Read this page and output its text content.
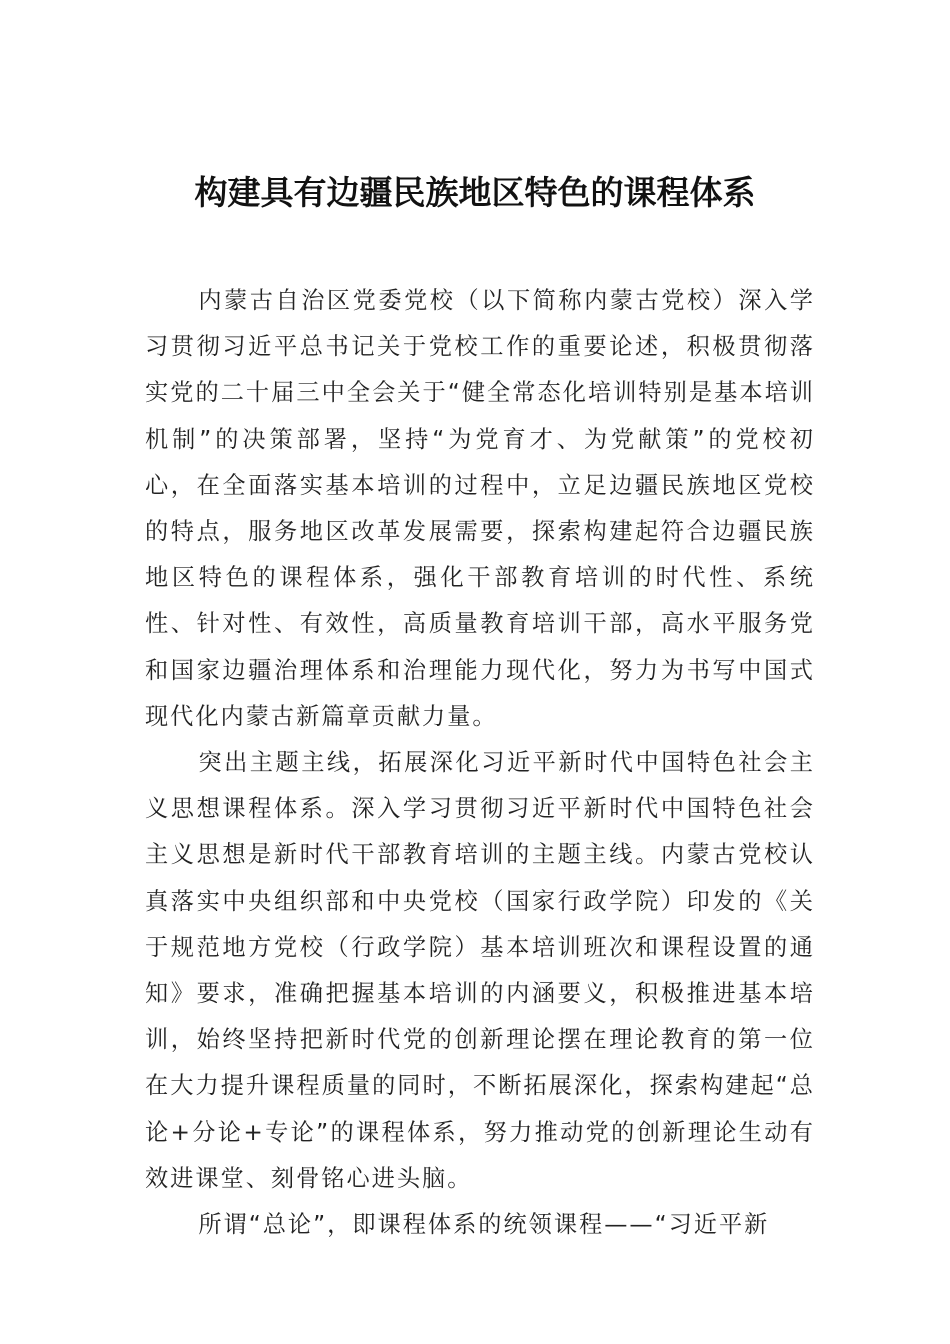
构建具有边疆民族地区特色的课程体系

内蒙古自治区党委党校（以下简称内蒙古党校）深入学习贯彻习近平总书记关于党校工作的重要论述，积极贯彻落实党的二十届三中全会关于“健全常态化培训特别是基本培训机制”的决策部署，坚持“为党育才、为党献策”的党校初心，在全面落实基本培训的过程中，立足边疆民族地区党校的特点，服务地区改革发展需要，探索构建起符合边疆民族地区特色的课程体系，强化干部教育培训的时代性、系统性、针对性、有效性，高质量教育培训干部，高水平服务党和国家边疆治理体系和治理能力现代化，努力为书写中国式现代化内蒙古新篇章贡献力量。

突出主题主线，拓展深化习近平新时代中国特色社会主义思想课程体系。深入学习贯彻习近平新时代中国特色社会主义思想是新时代干部教育培训的主题主线。内蒙古党校认真落实中央组织部和中央党校（国家行政学院）印发的《关于规范地方党校（行政学院）基本培训班次和课程设置的通知》要求，准确把握基本培训的内涵要义，积极推进基本培训，始终坚持把新时代党的创新理论摆在理论教育的第一位在大力提升课程质量的同时，不断拓展深化，探索构建起“总论+分论+专论”的课程体系，努力推动党的创新理论生动有效进课堂、刻骨铭心进头脑。

所谓“总论”，即课程体系的统领课程——“习近平新
